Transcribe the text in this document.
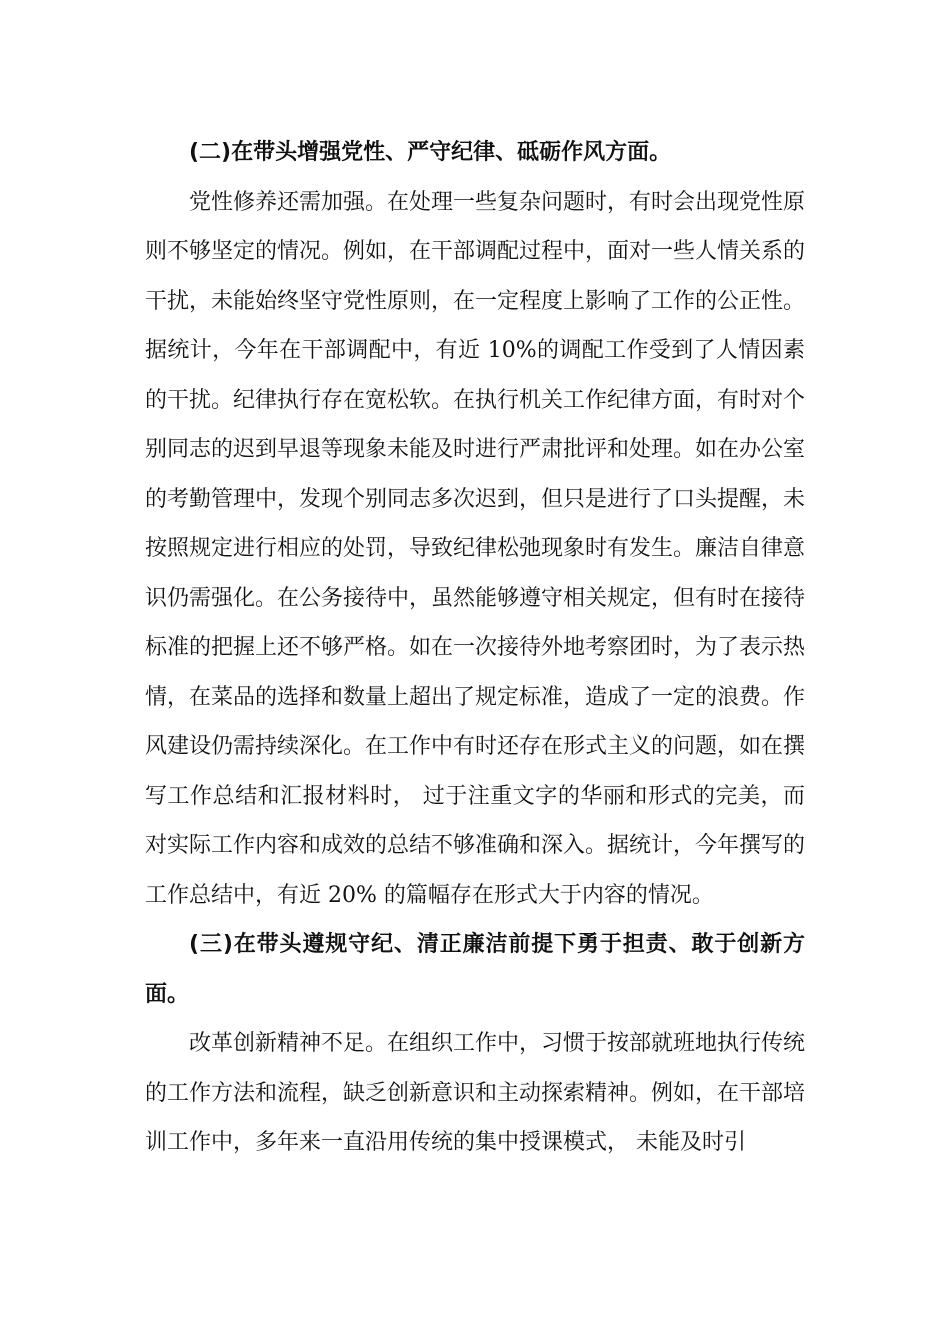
(二)在带头增强党性、严守纪律、砥砺作风方面。

党性修养还需加强。在处理一些复杂问题时，有时会出现党性原则不够坚定的情况。例如，在干部调配过程中，面对一些人情关系的干扰，未能始终坚守党性原则，在一定程度上影响了工作的公正性。 据统计，今年在干部调配中，有近 10%的调配工作受到了人情因素的干扰。纪律执行存在宽松软。在执行机关工作纪律方面，有时对个别同志的迟到早退等现象未能及时进行严肃批评和处理。如在办公室的考勤管理中，发现个别同志多次迟到，但只是进行了口头提醒，未按照规定进行相应的处罚，导致纪律松弛现象时有发生。廉洁自律意识仍需强化。在公务接待中，虽然能够遵守相关规定，但有时在接待标准的把握上还不够严格。如在一次接待外地考察团时，为了表示热情，在菜品的选择和数量上超出了规定标准，造成了一定的浪费。作风建设仍需持续深化。在工作中有时还存在形式主义的问题，如在撰写工作总结和汇报材料时， 过于注重文字的华丽和形式的完美，而对实际工作内容和成效的总结不够准确和深入。据统计，今年撰写的工作总结中，有近 20% 的篇幅存在形式大于内容的情况。

(三)在带头遵规守纪、清正廉洁前提下勇于担责、敢于创新方面。

改革创新精神不足。在组织工作中，习惯于按部就班地执行传统的工作方法和流程，缺乏创新意识和主动探索精神。例如，在干部培训工作中，多年来一直沿用传统的集中授课模式， 未能及时引
